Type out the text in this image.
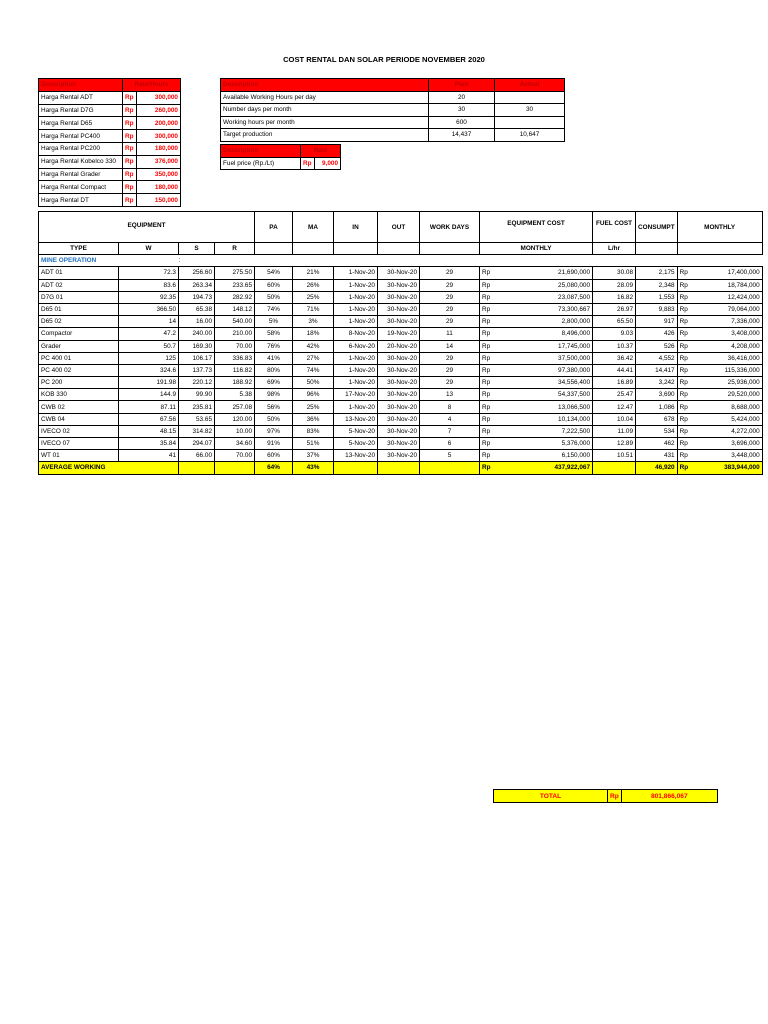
COST RENTAL DAN SOLAR PERIODE NOVEMBER 2020
Description	Rate/Hours	
Harga Rental ADT	Rp	300,000
Harga Rental D7G	Rp	260,000
Harga Rental D65	Rp	200,000
Harga Rental PC400	Rp	300,000
Harga Rental PC200	Rp	180,000
Harga Rental Kobelco 330	Rp	376,000
Harga Rental Grader	Rp	350,000
Harga Rental Compact	Rp	180,000
Harga Rental DT	Rp	150,000
Description	Plan	Actual
Available Working Hours per day	20	
Number days per month	30	30
Working hours per month	600	
Target production	14,437	10,647
Description	Rate	
Fuel price (Rp./Lt)	Rp	9,000
EQUIPMENT					PA	MA	IN	OUT	WORK DAYS	EQUIPMENT COST		FUEL COST	CONSUMPT	MONTHLY	
TYPE		W	S	R						MONTHLY		L/hr			
MINE OPERATION			:												
ADT 01		72.3	256.60	275.50	54%	21%	1-Nov-20	30-Nov-20	29	Rp	21,690,000	30.08	2,175	Rp	17,400,000
ADT 02		83.6	263.34	233.65	60%	26%	1-Nov-20	30-Nov-20	29	Rp	25,080,000	28.09	2,348	Rp	18,784,000
D7G 01		92.35	194.73	282.92	50%	25%	1-Nov-20	30-Nov-20	29	Rp	23,087,500	16.82	1,553	Rp	12,424,000
D65 01		366.50	65.38	148.12	74%	71%	1-Nov-20	30-Nov-20	29	Rp	73,300,667	26.97	9,883	Rp	79,064,000
D65 02		14	16.00	540.00	5%	3%	1-Nov-20	30-Nov-20	29	Rp	2,800,000	65.50	917	Rp	7,336,000
Compactor		47.2	240.00	210.00	58%	18%	8-Nov-20	19-Nov-20	11	Rp	8,496,000	9.03	426	Rp	3,408,000
Grader		50.7	169.30	70.00	76%	42%	6-Nov-20	20-Nov-20	14	Rp	17,745,000	10.37	526	Rp	4,208,000
PC 400 01		125	106.17	336.83	41%	27%	1-Nov-20	30-Nov-20	29	Rp	37,500,000	36.42	4,552	Rp	36,416,000
PC 400 02		324.6	137.73	116.82	80%	74%	1-Nov-20	30-Nov-20	29	Rp	97,380,000	44.41	14,417	Rp	115,336,000
PC 200		191.98	220.12	188.92	69%	50%	1-Nov-20	30-Nov-20	29	Rp	34,556,400	16.89	3,242	Rp	25,936,000
KOB 330		144.9	99.90	5.38	98%	96%	17-Nov-20	30-Nov-20	13	Rp	54,337,500	25.47	3,690	Rp	29,520,000
CWB 02		87.11	235.81	257.08	56%	25%	1-Nov-20	30-Nov-20	8	Rp	13,066,500	12.47	1,086	Rp	8,688,000
CWB 04		67.56	53.65	120.00	50%	36%	13-Nov-20	30-Nov-20	4	Rp	10,134,000	10.04	678	Rp	5,424,000
IVECO 02		48.15	314.82	10.00	97%	83%	5-Nov-20	30-Nov-20	7	Rp	7,222,500	11.09	534	Rp	4,272,000
IVECO 07		35.84	294.07	34.60	91%	51%	5-Nov-20	30-Nov-20	6	Rp	5,376,000	12.89	462	Rp	3,696,000
WT 01		41	66.00	70.00	60%	37%	13-Nov-20	30-Nov-20	5	Rp	6,150,000	10.51	431	Rp	3,448,000
AVERAGE WORKING					64%	43%				Rp	437,922,067		46,920	Rp	383,944,000
TOTAL	Rp	801,866,067
